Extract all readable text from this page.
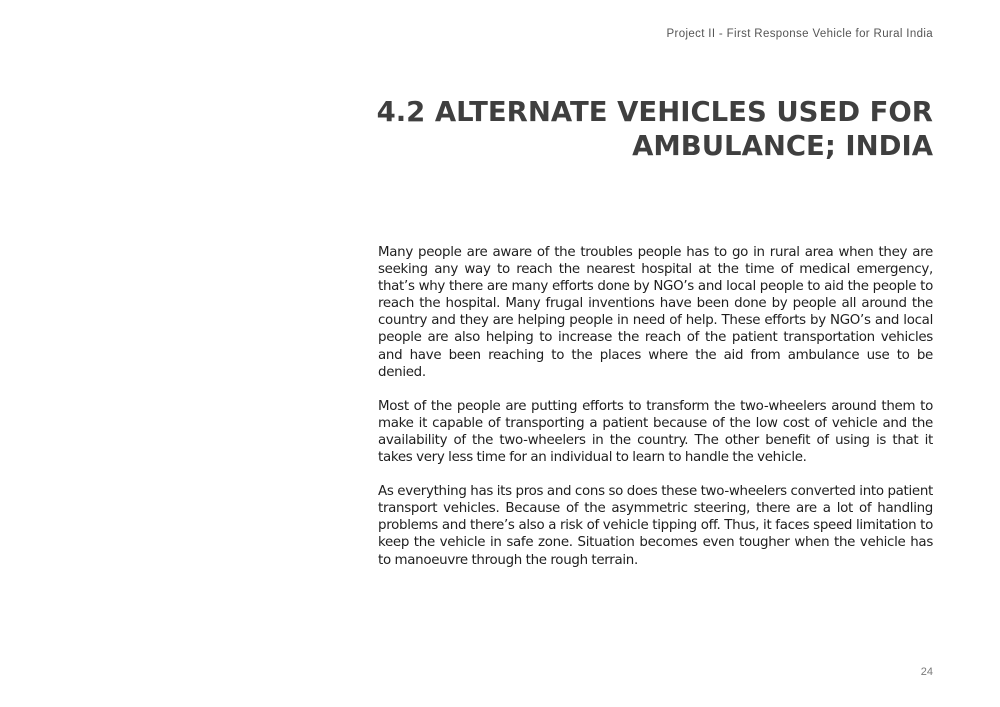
Project II - First Response Vehicle for Rural India
4.2 ALTERNATE VEHICLES USED FOR
AMBULANCE; INDIA

Many people are aware of the troubles people has to go in rural area when they are seeking any way to reach the nearest hospital at the time of medical emergency, that’s why there are many efforts done by NGO’s and local people to aid the people to reach the hospital. Many frugal inventions have been done by people all around the country and they are helping people in need of help. These efforts by NGO’s and local people are also helping to increase the reach of the patient transportation vehicles and have been reaching to the places where the aid from ambulance use to be denied.

Most of the people are putting efforts to transform the two-wheelers around them to make it capable of transporting a patient because of the low cost of vehicle and the availability of the two-wheelers in the country. The other benefit of using is that it takes very less time for an individual to learn to handle the vehicle.

As everything has its pros and cons so does these two-wheelers converted into patient transport vehicles. Because of the asymmetric steering, there are a lot of handling problems and there’s also a risk of vehicle tipping off. Thus, it faces speed limitation to keep the vehicle in safe zone. Situation becomes even tougher when the vehicle has to manoeuvre through the rough terrain.

24
